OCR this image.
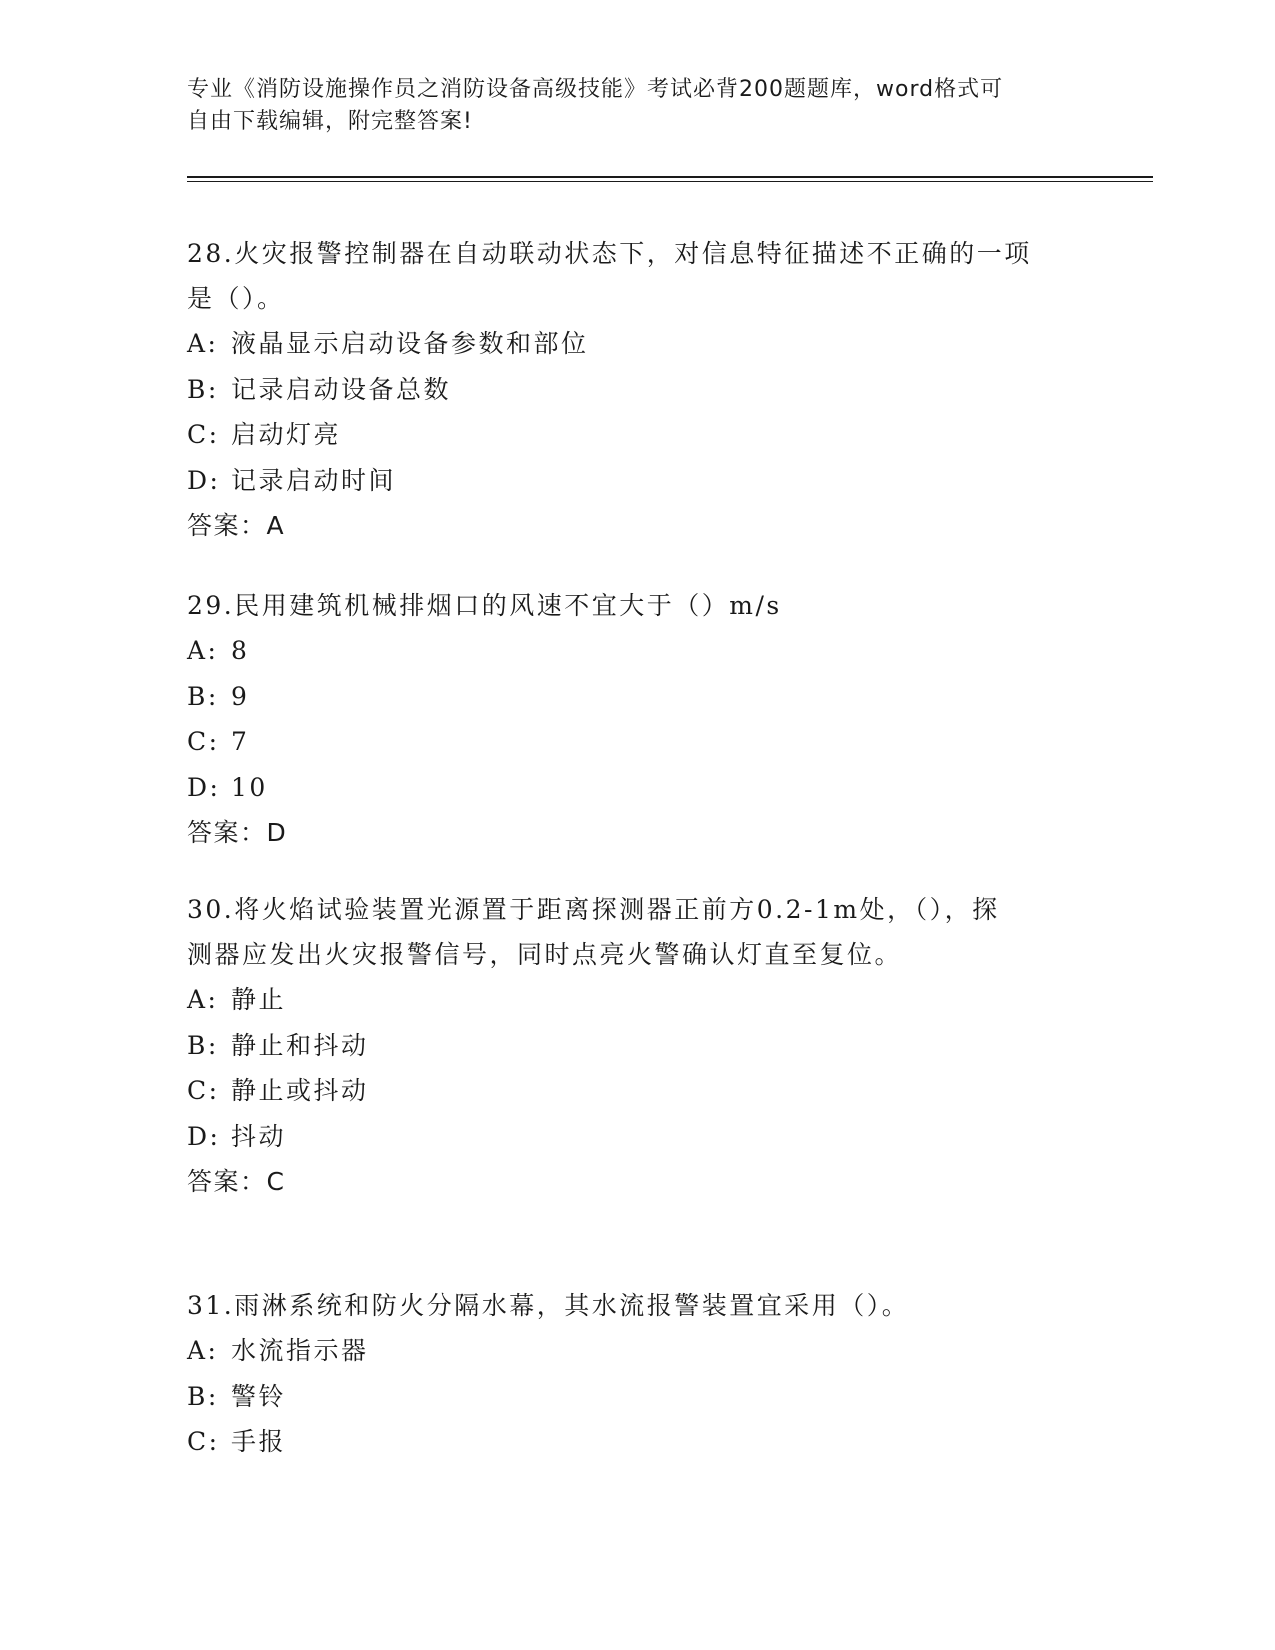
专业《消防设施操作员之消防设备高级技能》考试必背200题题库，word格式可
自由下载编辑，附完整答案!
28.火灾报警控制器在自动联动状态下，对信息特征描述不正确的一项
是（）。
A: 液晶显示启动设备参数和部位
B: 记录启动设备总数
C: 启动灯亮
D: 记录启动时间
答案：A
29.民用建筑机械排烟口的风速不宜大于（）m/s
A: 8
B: 9
C: 7
D: 10
答案：D
30.将火焰试验装置光源置于距离探测器正前方0.2-1m处，（），探
测器应发出火灾报警信号，同时点亮火警确认灯直至复位。
A: 静止
B: 静止和抖动
C: 静止或抖动
D: 抖动
答案：C
31.雨淋系统和防火分隔水幕，其水流报警装置宜采用（）。
A: 水流指示器
B: 警铃
C: 手报
